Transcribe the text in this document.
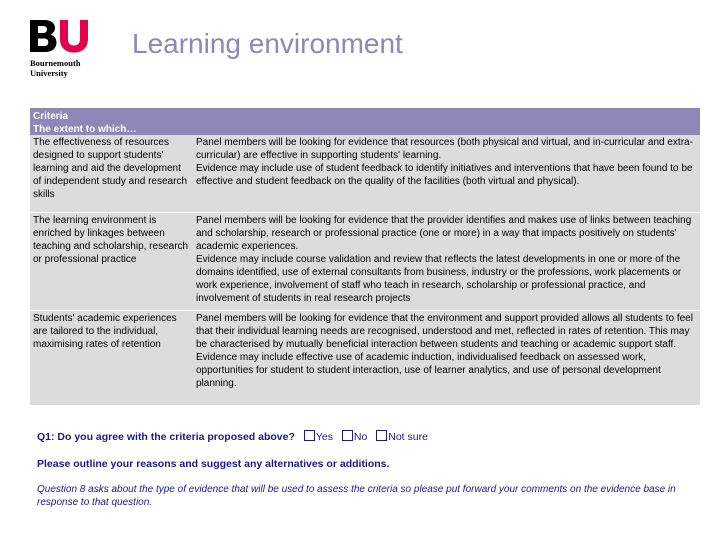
Bournemouth
University
Learning environment
Criteria
The extent to which…
The effectiveness of resources designed to support students' learning and aid the development of independent study and research skills
Panel members will be looking for evidence that resources (both physical and virtual, and in-curricular and extra-curricular) are effective in supporting students' learning.
Evidence may include use of student feedback to identify initiatives and interventions that have been found to be effective and student feedback on the quality of the facilities (both virtual and physical).
The learning environment is enriched by linkages between teaching and scholarship, research or professional practice
Panel members will be looking for evidence that the provider identifies and makes use of links between teaching and scholarship, research or professional practice (one or more) in a way that impacts positively on students' academic experiences.
Evidence may include course validation and review that reflects the latest developments in one or more of the domains identified, use of external consultants from business, industry or the professions, work placements or work experience, involvement of staff who teach in research, scholarship or professional practice, and involvement of students in real research projects
Students' academic experiences are tailored to the individual, maximising rates of retention
Panel members will be looking for evidence that the environment and support provided allows all students to feel that their individual learning needs are recognised, understood and met, reflected in rates of retention. This may be characterised by mutually beneficial interaction between students and teaching or academic support staff.
Evidence may include effective use of academic induction, individualised feedback on assessed work, opportunities for student to student interaction, use of learner analytics, and use of personal development planning.
Q1: Do you agree with the criteria proposed above? Yes No Not sure
Please outline your reasons and suggest any alternatives or additions.
Question 8 asks about the type of evidence that will be used to assess the criteria so please put forward your comments on the evidence base in response to that question.
